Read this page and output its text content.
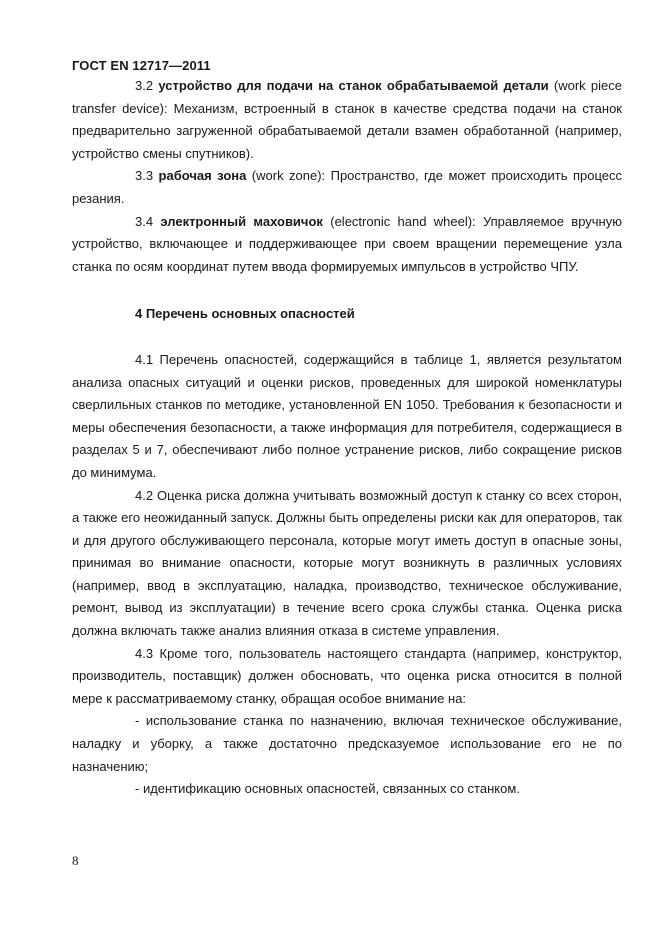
ГОСТ EN 12717—2011

3.2 устройство для подачи на станок обрабатываемой детали (work piece transfer device): Механизм, встроенный в станок в качестве средства подачи на станок предварительно загруженной обрабатываемой детали взамен обработанной (например, устройство смены спутников).

3.3 рабочая зона (work zone): Пространство, где может происходить процесс резания.

3.4 электронный маховичок (electronic hand wheel): Управляемое вручную устройство, включающее и поддерживающее при своем вращении перемещение узла станка по осям координат путем ввода формируемых импульсов в устройство ЧПУ.

4 Перечень основных опасностей

4.1 Перечень опасностей, содержащийся в таблице 1, является результатом анализа опасных ситуаций и оценки рисков, проведенных для широкой номенклатуры сверлильных станков по методике, установленной EN 1050. Требования к безопасности и меры обеспечения безопасности, а также информация для потребителя, содержащиеся в разделах 5 и 7, обеспечивают либо полное устранение рисков, либо сокращение рисков до минимума.

4.2 Оценка риска должна учитывать возможный доступ к станку со всех сторон, а также его неожиданный запуск. Должны быть определены риски как для операторов, так и для другого обслуживающего персонала, которые могут иметь доступ в опасные зоны, принимая во внимание опасности, которые могут возникнуть в различных условиях (например, ввод в эксплуатацию, наладка, производство, техническое обслуживание, ремонт, вывод из эксплуатации) в течение всего срока службы станка. Оценка риска должна включать также анализ влияния отказа в системе управления.

4.3 Кроме того, пользователь настоящего стандарта (например, конструктор, производитель, поставщик) должен обосновать, что оценка риска относится в полной мере к рассматриваемому станку, обращая особое внимание на:

- использование станка по назначению, включая техническое обслуживание, наладку и уборку, а также достаточно предсказуемое использование его не по назначению;

- идентификацию основных опасностей, связанных со станком.

8
